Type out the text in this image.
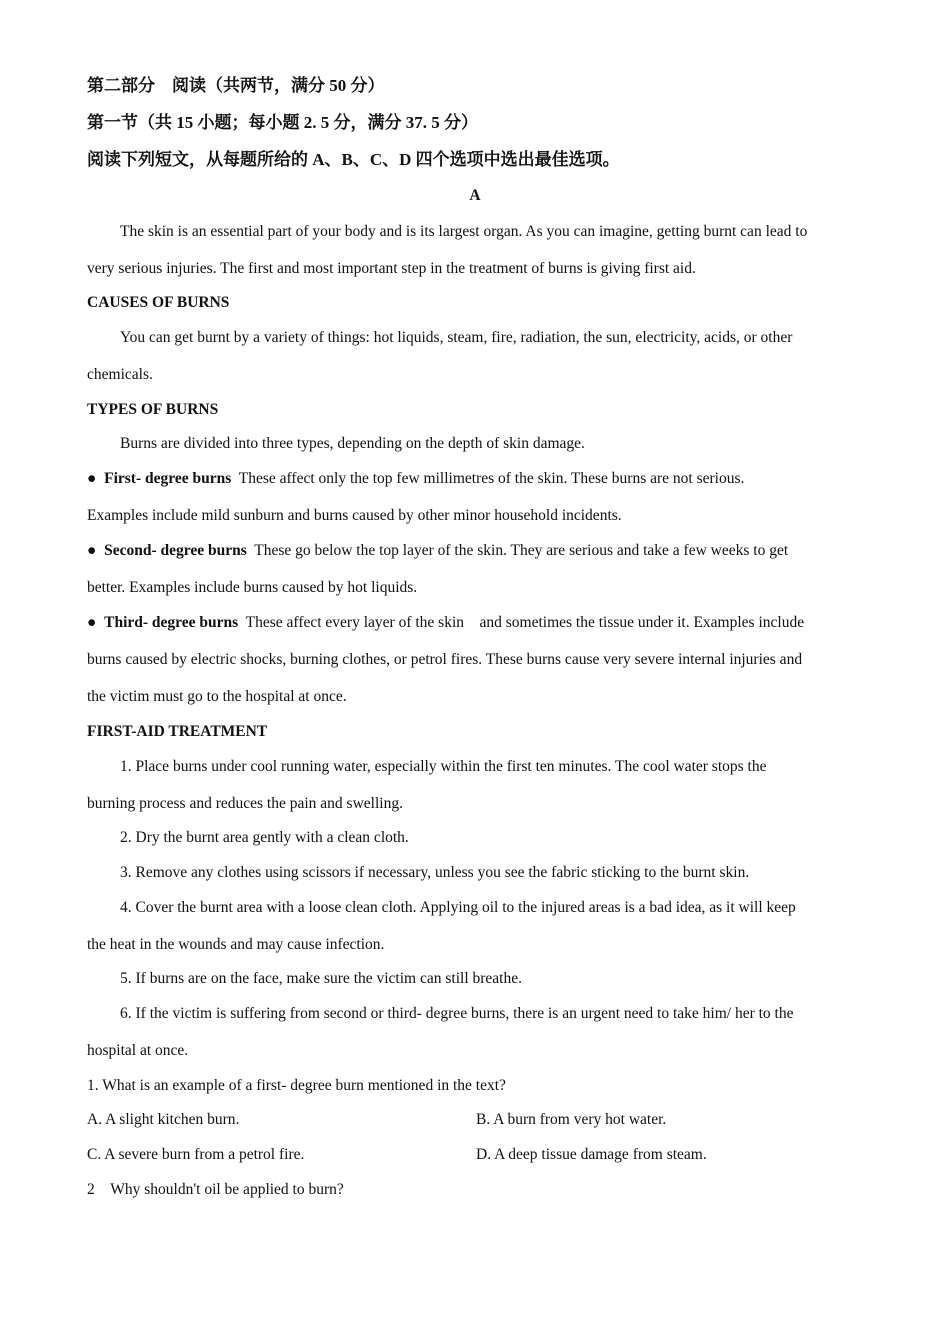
第二部分　阅读（共两节，满分 50 分）
第一节（共 15 小题；每小题 2. 5 分，满分 37. 5 分）
阅读下列短文，从每题所给的 A、B、C、D 四个选项中选出最佳选项。
A
The skin is an essential part of your body and is its largest organ. As you can imagine, getting burnt can lead to
very serious injuries. The first and most important step in the treatment of burns is giving first aid.
CAUSES OF BURNS
You can get burnt by a variety of things: hot liquids, steam, fire, radiation, the sun, electricity, acids, or other
chemicals.
TYPES OF BURNS
Burns are divided into three types, depending on the depth of skin damage.
● First- degree burns These affect only the top few millimetres of the skin. These burns are not serious.
Examples include mild sunburn and burns caused by other minor household incidents.
● Second- degree burns These go below the top layer of the skin. They are serious and take a few weeks to get
better. Examples include burns caused by hot liquids.
● Third- degree burns These affect every layer of the skin　and sometimes the tissue under it. Examples include
burns caused by electric shocks, burning clothes, or petrol fires. These burns cause very severe internal injuries and
the victim must go to the hospital at once.
FIRST-AID TREATMENT
1. Place burns under cool running water, especially within the first ten minutes. The cool water stops the
burning process and reduces the pain and swelling.
2. Dry the burnt area gently with a clean cloth.
3. Remove any clothes using scissors if necessary, unless you see the fabric sticking to the burnt skin.
4. Cover the burnt area with a loose clean cloth. Applying oil to the injured areas is a bad idea, as it will keep
the heat in the wounds and may cause infection.
5. If burns are on the face, make sure the victim can still breathe.
6. If the victim is suffering from second or third- degree burns, there is an urgent need to take him/ her to the
hospital at once.
1. What is an example of a first- degree burn mentioned in the text?
A. A slight kitchen burn.	B. A burn from very hot water.
C. A severe burn from a petrol fire.	D. A deep tissue damage from steam.
2　Why shouldn't oil be applied to burn?
